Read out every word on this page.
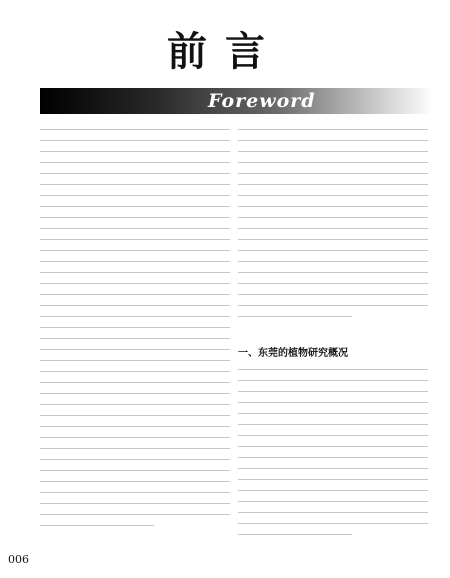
前言
Foreword
一、东莞的植物研究概况
006
